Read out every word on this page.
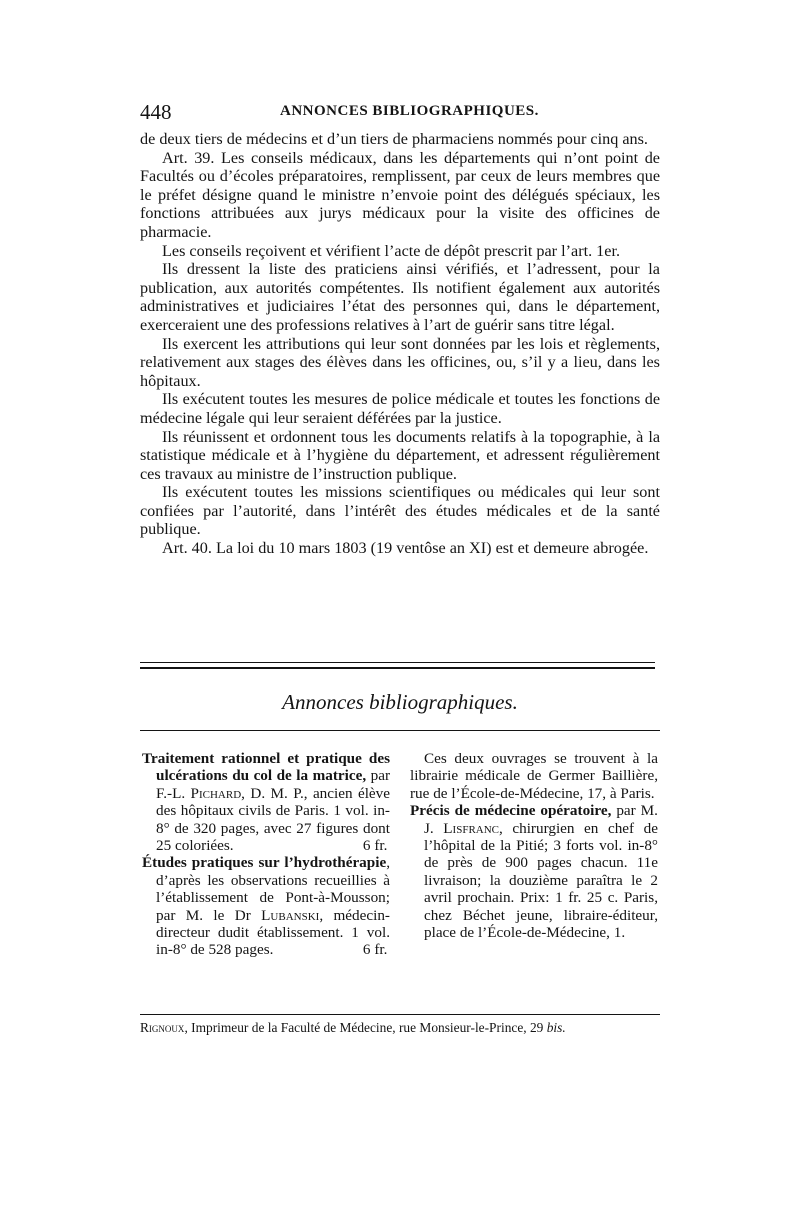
448	ANNONCES BIBLIOGRAPHIQUES.

de deux tiers de médecins et d’un tiers de pharmaciens nommés pour cinq ans.

Art. 39. Les conseils médicaux, dans les départements qui n’ont point de Facultés ou d’écoles préparatoires, remplissent, par ceux de leurs membres que le préfet désigne quand le ministre n’envoie point des délégués spéciaux, les fonctions attribuées aux jurys médicaux pour la visite des officines de pharmacie.

Les conseils reçoivent et vérifient l’acte de dépôt prescrit par l’art. 1er.

Ils dressent la liste des praticiens ainsi vérifiés, et l’adressent, pour la publication, aux autorités compétentes. Ils notifient également aux autorités administratives et judiciaires l’état des personnes qui, dans le département, exerceraient une des professions relatives à l’art de guérir sans titre légal.

Ils exercent les attributions qui leur sont données par les lois et règlements, relativement aux stages des élèves dans les officines, ou, s’il y a lieu, dans les hôpitaux.

Ils exécutent toutes les mesures de police médicale et toutes les fonctions de médecine légale qui leur seraient déférées par la justice.

Ils réunissent et ordonnent tous les documents relatifs à la topographie, à la statistique médicale et à l’hygiène du département, et adressent régulièrement ces travaux au ministre de l’instruction publique.

Ils exécutent toutes les missions scientifiques ou médicales qui leur sont confiées par l’autorité, dans l’intérêt des études médicales et de la santé publique.

Art. 40. La loi du 10 mars 1803 (19 ventôse an XI) est et demeure abrogée.

Annonces bibliographiques.

Traitement rationnel et pratique des ulcérations du col de la matrice, par F.-L. Pichard, D. M. P., ancien élève des hôpitaux civils de Paris. 1 vol. in-8° de 320 pages, avec 27 figures dont 25 coloriées.	6 fr.

Études pratiques sur l’hydrothérapie, d’après les observations recueillies à l’établissement de Pont-à-Mousson; par M. le Dr Lubanski, médecin-directeur dudit établissement. 1 vol. in-8° de 528 pages.	6 fr.

Ces deux ouvrages se trouvent à la librairie médicale de Germer Baillière, rue de l’École-de-Médecine, 17, à Paris.

Précis de médecine opératoire, par M. J. Lisfranc, chirurgien en chef de l’hôpital de la Pitié; 3 forts vol. in-8° de près de 900 pages chacun. 11e livraison; la douzième paraîtra le 2 avril prochain. Prix: 1 fr. 25 c. Paris, chez Béchet jeune, libraire-éditeur, place de l’École-de-Médecine, 1.

Rignoux, Imprimeur de la Faculté de Médecine, rue Monsieur-le-Prince, 29 bis.
